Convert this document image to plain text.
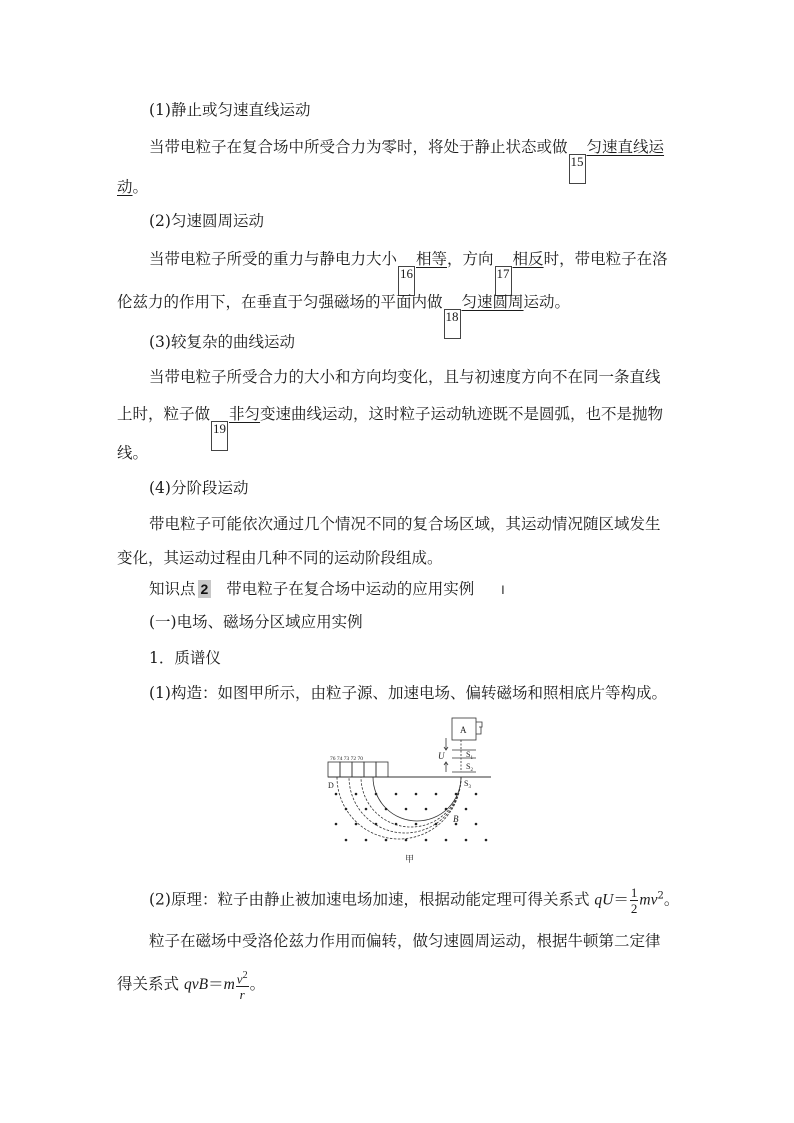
(1)静止或匀速直线运动
当带电粒子在复合场中所受合力为零时，将处于静止状态或做15匀速直线运
动。
(2)匀速圆周运动
当带电粒子所受的重力与静电力大小16相等，方向17相反时，带电粒子在洛
伦兹力的作用下，在垂直于匀强磁场的平面内做18匀速圆周运动。
(3)较复杂的曲线运动
当带电粒子所受合力的大小和方向均变化，且与初速度方向不在同一条直线
上时，粒子做19非匀变速曲线运动，这时粒子运动轨迹既不是圆弧，也不是抛物
线。
(4)分阶段运动
带电粒子可能依次通过几个情况不同的复合场区域，其运动情况随区域发生
变化，其运动过程由几种不同的运动阶段组成。
知识点 2 带电粒子在复合场中运动的应用实例 I
(一)电场、磁场分区域应用实例
1．质谱仪
(1)构造：如图甲所示，由粒子源、加速电场、偏转磁场和照相底片等构成。
A
U	$S_1$
$S_2$
$S_3$
D
B
76 74 73 72 70
甲
(2)原理：粒子由静止被加速电场加速，根据动能定理可得关系式 $qU= \frac{1}{2} mv^2$。
粒子在磁场中受洛伦兹力作用而偏转，做匀速圆周运动，根据牛顿第二定律
得关系式 $qvB=m \frac{v^2}{r}$ 。
